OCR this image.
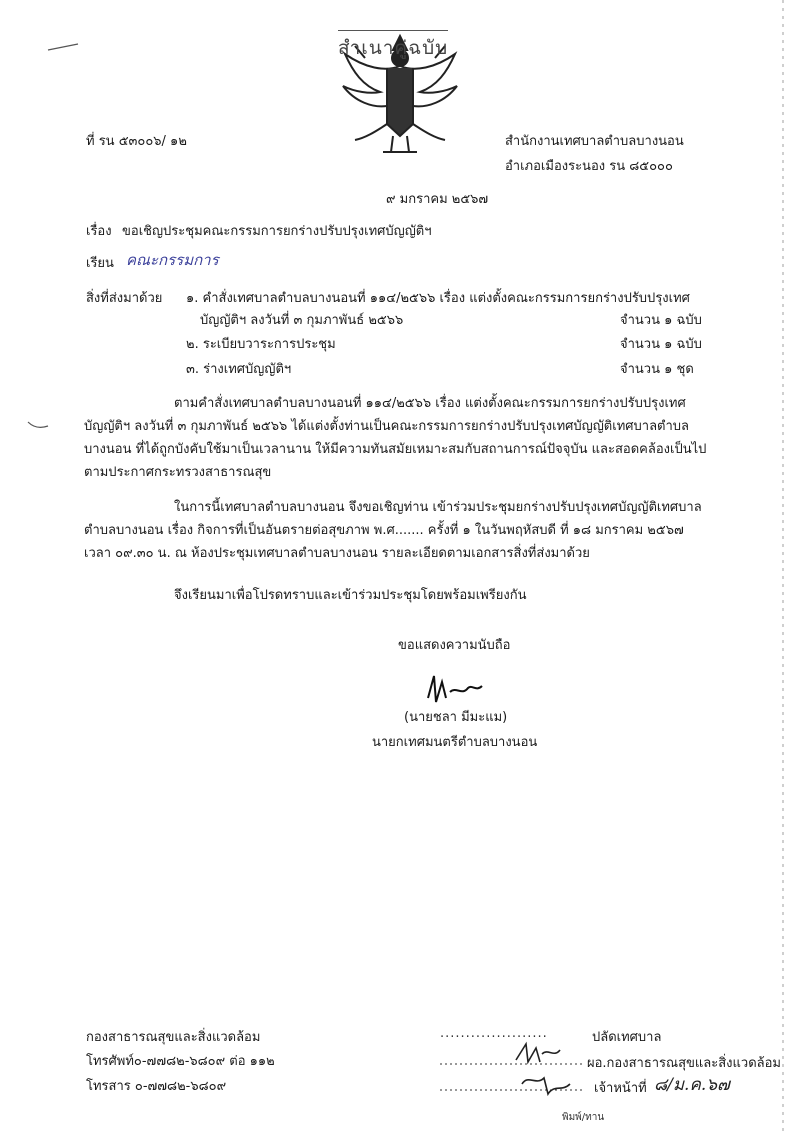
สำเนาคู่ฉบับ
ที่ รน ๕๓๐๐๖/ ๑๒	สำนักงานเทศบาลตำบลบางนอน
อำเภอเมืองระนอง รน ๘๕๐๐๐
๙ มกราคม ๒๕๖๗
เรื่อง ขอเชิญประชุมคณะกรรมการยกร่างปรับปรุงเทศบัญญัติฯ
เรียน คณะกรรมการ
สิ่งที่ส่งมาด้วย ๑. คำสั่งเทศบาลตำบลบางนอนที่ ๑๑๔/๒๕๖๖ เรื่อง แต่งตั้งคณะกรรมการยกร่างปรับปรุงเทศ
บัญญัติฯ ลงวันที่ ๓ กุมภาพันธ์ ๒๕๖๖	จำนวน ๑ ฉบับ
๒. ระเบียบวาระการประชุม	จำนวน ๑ ฉบับ
๓. ร่างเทศบัญญัติฯ	จำนวน ๑ ชุด
ตามคำสั่งเทศบาลตำบลบางนอนที่ ๑๑๔/๒๕๖๖ เรื่อง แต่งตั้งคณะกรรมการยกร่างปรับปรุงเทศ
บัญญัติฯ ลงวันที่ ๓ กุมภาพันธ์ ๒๕๖๖ ได้แต่งตั้งท่านเป็นคณะกรรมการยกร่างปรับปรุงเทศบัญญัติเทศบาลตำบล
บางนอน ที่ได้ถูกบังคับใช้มาเป็นเวลานาน ให้มีความทันสมัยเหมาะสมกับสถานการณ์ปัจจุบัน และสอดคล้องเป็นไป
ตามประกาศกระทรวงสาธารณสุข
ในการนี้เทศบาลตำบลบางนอน จึงขอเชิญท่าน เข้าร่วมประชุมยกร่างปรับปรุงเทศบัญญัติเทศบาล
ตำบลบางนอน เรื่อง กิจการที่เป็นอันตรายต่อสุขภาพ พ.ศ....... ครั้งที่ ๑ ในวันพฤหัสบดี ที่ ๑๘ มกราคม ๒๕๖๗
เวลา ๐๙.๓๐ น. ณ ห้องประชุมเทศบาลตำบลบางนอน รายละเอียดตามเอกสารสิ่งที่ส่งมาด้วย
จึงเรียนมาเพื่อโปรดทราบและเข้าร่วมประชุมโดยพร้อมเพรียงกัน
ขอแสดงความนับถือ
(นายชลา มีมะแม)
นายกเทศมนตรีตำบลบางนอน
กองสาธารณสุขและสิ่งแวดล้อม
โทรศัพท์๐-๗๗๘๒-๖๘๐๙ ต่อ ๑๑๒
โทรสาร ๐-๗๗๘๒-๖๘๐๙
.....................	ปลัดเทศบาล
ผอ.กองสาธารณสุขและสิ่งแวดล้อม
เจ้าหน้าที่ ๘/ม.ค.๖๗
พิมพ์/ทาน
